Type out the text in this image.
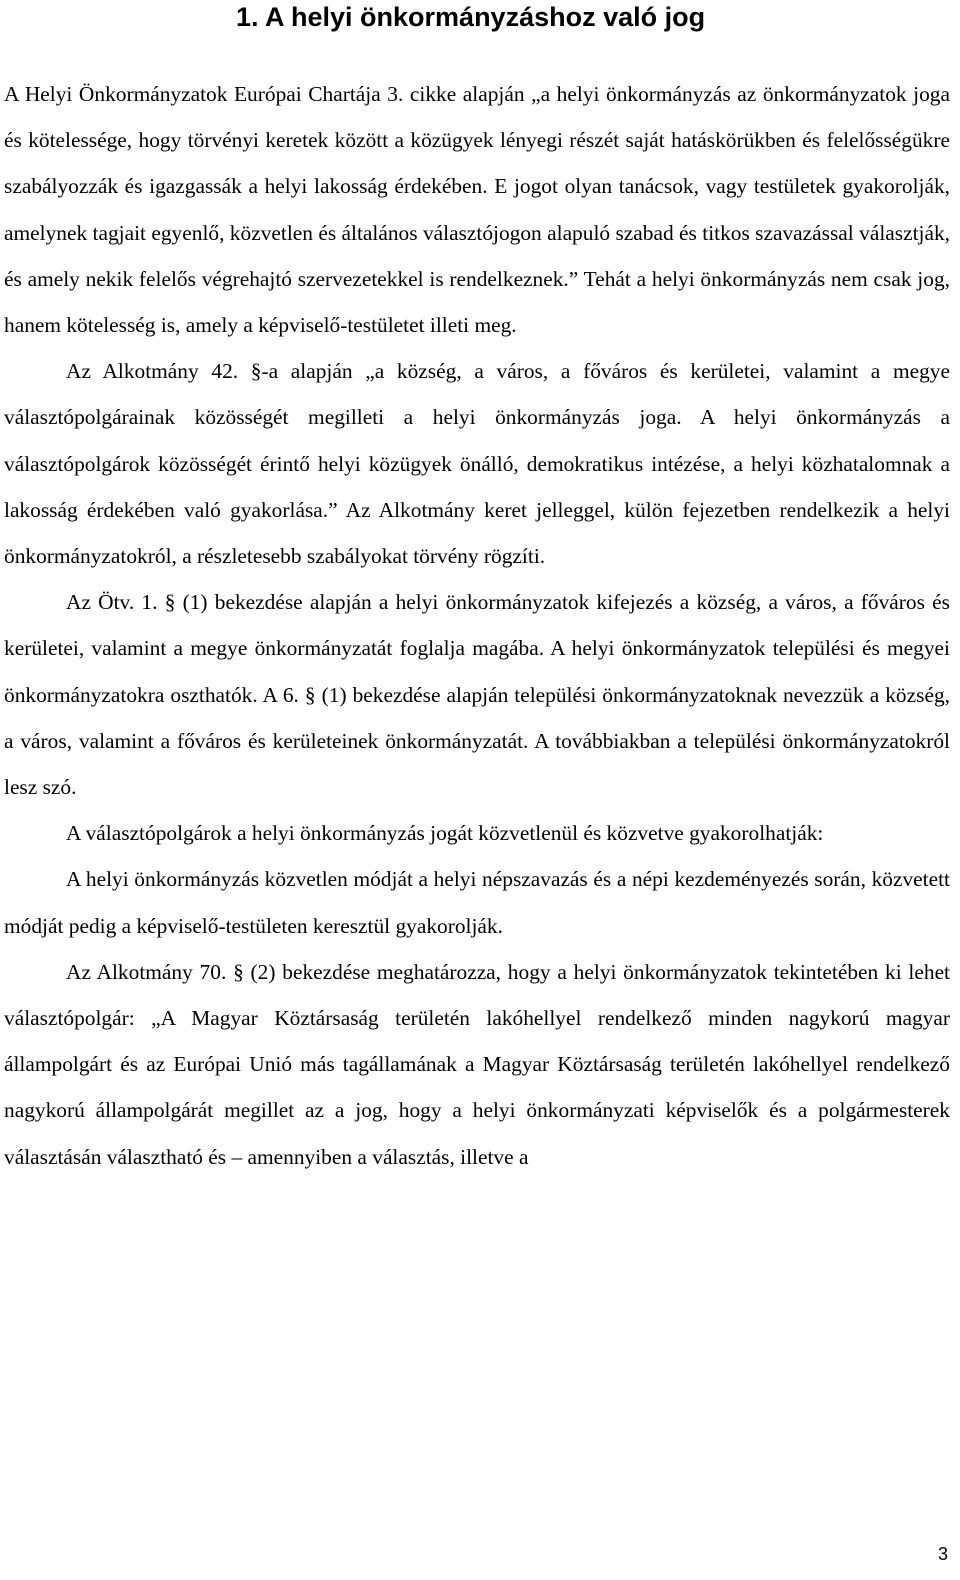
1. A helyi önkormányzáshoz való jog

A Helyi Önkormányzatok Európai Chartája 3. cikke alapján „a helyi önkormányzás az önkormányzatok joga és kötelessége, hogy törvényi keretek között a közügyek lényegi részét saját hatáskörükben és felelősségükre szabályozzák és igazgassák a helyi lakosság érdekében. E jogot olyan tanácsok, vagy testületek gyakorolják, amelynek tagjait egyenlő, közvetlen és általános választójogon alapuló szabad és titkos szavazással választják, és amely nekik felelős végrehajtó szervezetekkel is rendelkeznek.” Tehát a helyi önkormányzás nem csak jog, hanem kötelesség is, amely a képviselő-testületet illeti meg.

Az Alkotmány 42. §-a alapján „a község, a város, a főváros és kerületei, valamint a megye választópolgárainak közösségét megilleti a helyi önkormányzás joga. A helyi önkormányzás a választópolgárok közösségét érintő helyi közügyek önálló, demokratikus intézése, a helyi közhatalomnak a lakosság érdekében való gyakorlása.” Az Alkotmány keret jelleggel, külön fejezetben rendelkezik a helyi önkormányzatokról, a részletesebb szabályokat törvény rögzíti.

Az Ötv. 1. § (1) bekezdése alapján a helyi önkormányzatok kifejezés a község, a város, a főváros és kerületei, valamint a megye önkormányzatát foglalja magába. A helyi önkormányzatok települési és megyei önkormányzatokra oszthatók. A 6. § (1) bekezdése alapján települési önkormányzatoknak nevezzük a község, a város, valamint a főváros és kerületeinek önkormányzatát. A továbbiakban a települési önkormányzatokról lesz szó.

A választópolgárok a helyi önkormányzás jogát közvetlenül és közvetve gyakorolhatják:

A helyi önkormányzás közvetlen módját a helyi népszavazás és a népi kezdeményezés során, közvetett módját pedig a képviselő-testületen keresztül gyakorolják.

Az Alkotmány 70. § (2) bekezdése meghatározza, hogy a helyi önkormányzatok tekintetében ki lehet választópolgár: „A Magyar Köztársaság területén lakóhellyel rendelkező minden nagykorú magyar állampolgárt és az Európai Unió más tagállamának a Magyar Köztársaság területén lakóhellyel rendelkező nagykorú állampolgárát megillet az a jog, hogy a helyi önkormányzati képviselők és a polgármesterek választásán választható és – amennyiben a választás, illetve a

3
